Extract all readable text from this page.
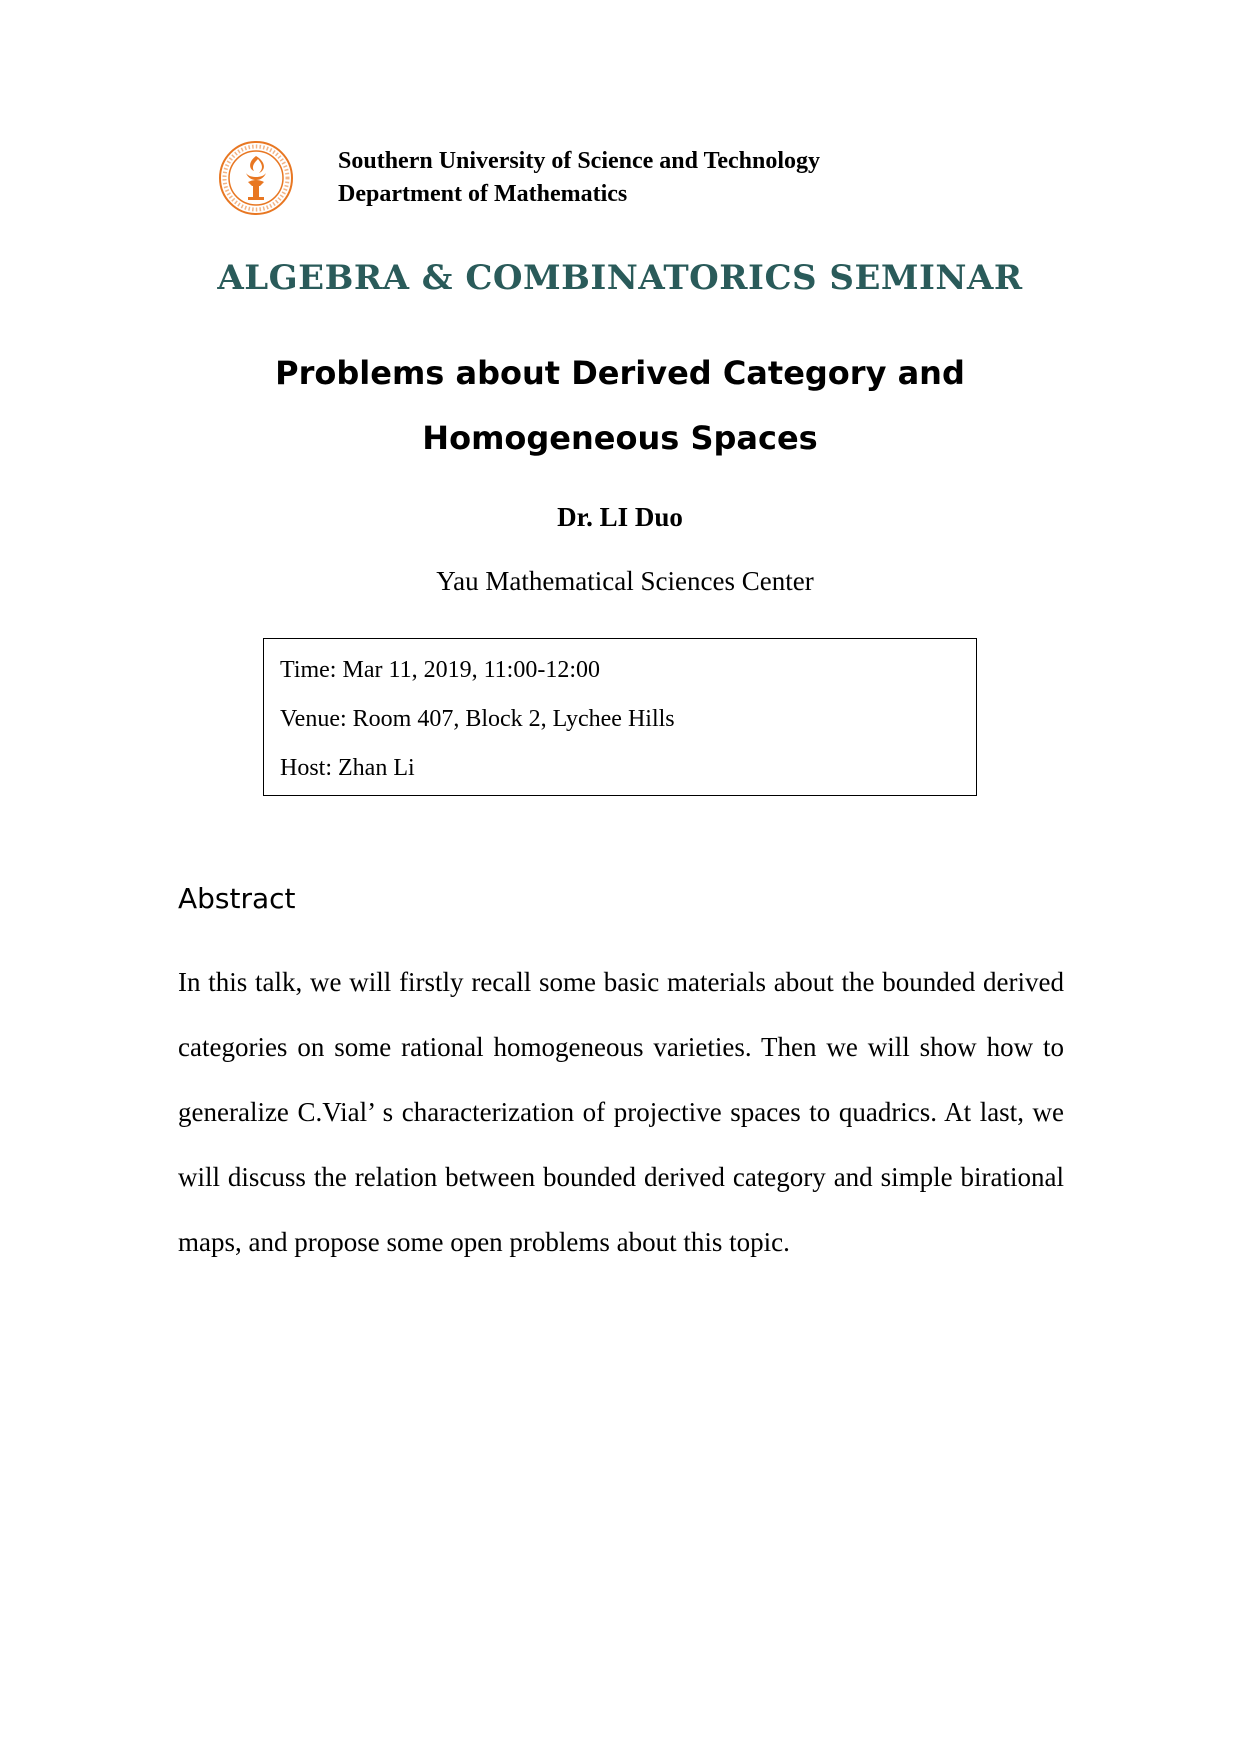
Southern University of Science and Technology
Department of Mathematics
ALGEBRA & COMBINATORICS SEMINAR
Problems about Derived Category and
Homogeneous Spaces
Dr. LI Duo
Yau Mathematical Sciences Center
Time: Mar 11, 2019, 11:00-12:00
Venue: Room 407, Block 2, Lychee Hills
Host: Zhan Li
Abstract
In this talk, we will firstly recall some basic materials about the bounded derived categories on some rational homogeneous varieties. Then we will show how to generalize C.Vial’ s characterization of projective spaces to quadrics. At last, we will discuss the relation between bounded derived category and simple birational maps, and propose some open problems about this topic.
